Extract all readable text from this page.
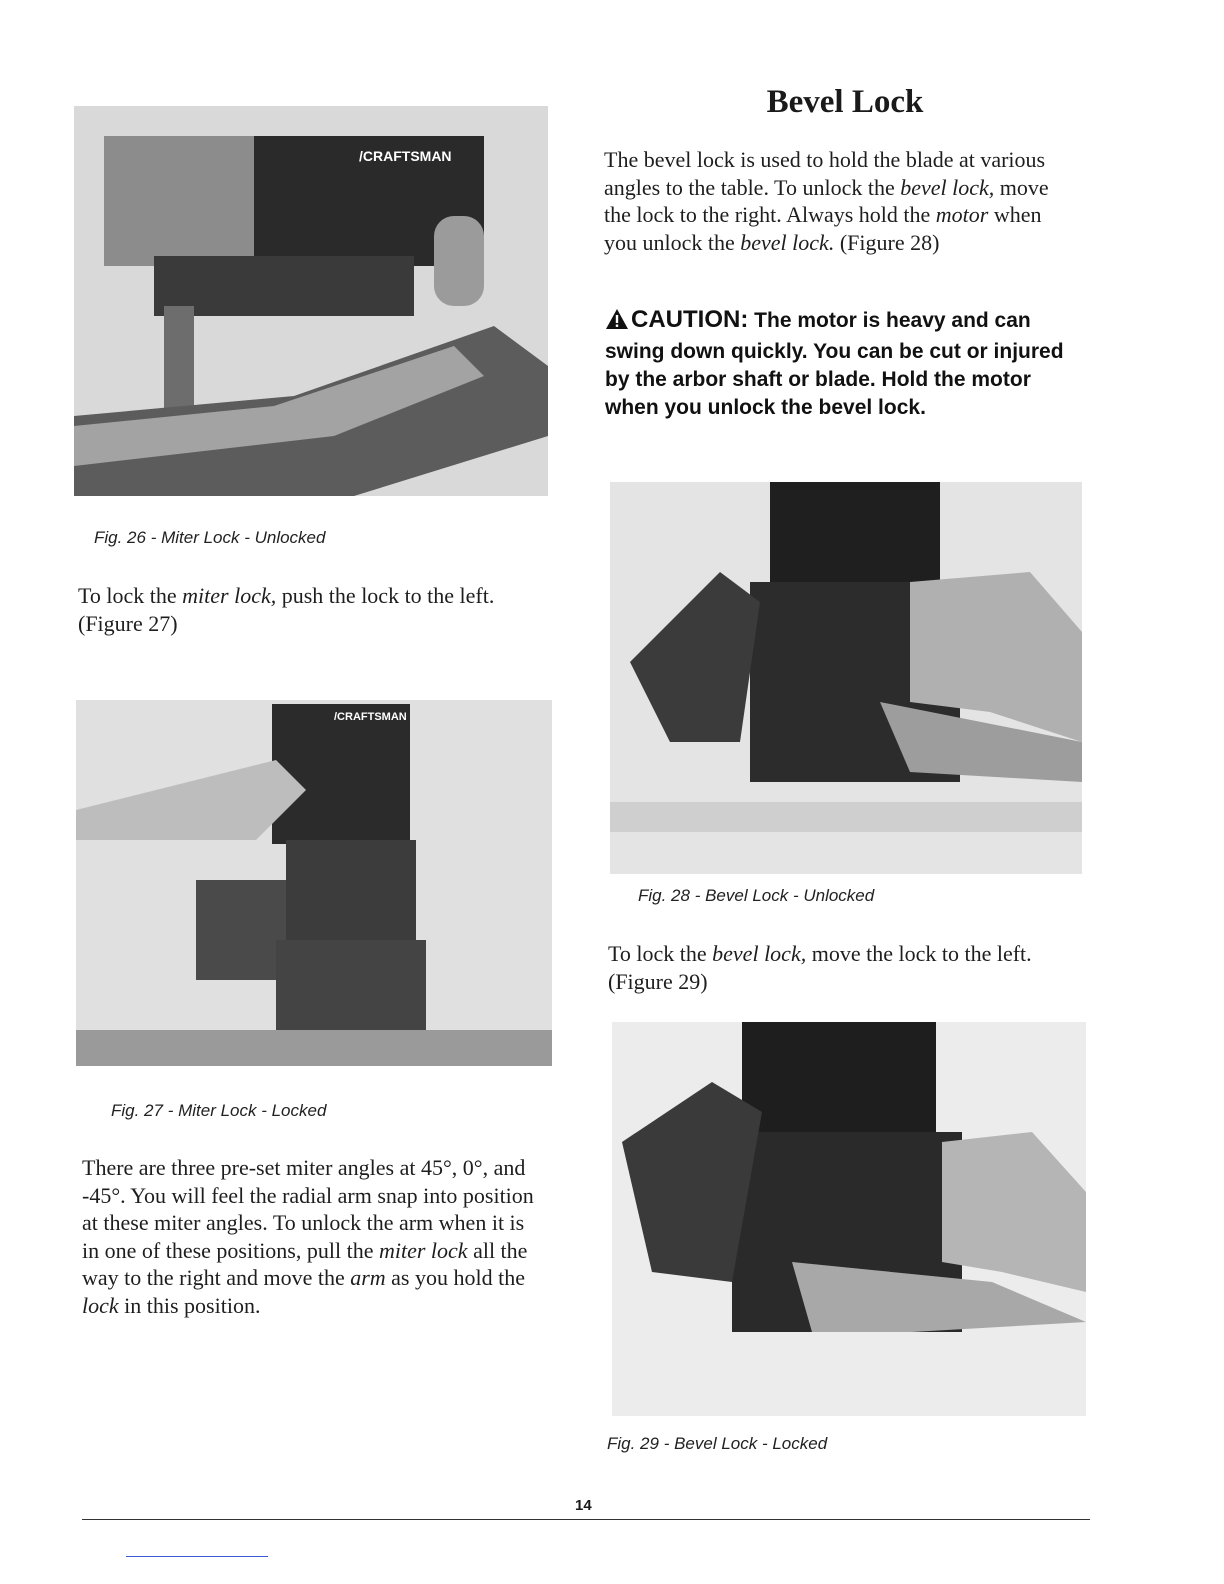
Bevel Lock
/CRAFTSMAN
Fig. 26 - Miter Lock - Unlocked

To lock the miter lock, push the lock to the left. (Figure 27)

/CRAFTSMAN
Fig. 27 - Miter Lock - Locked

There are three pre-set miter angles at 45°, 0°, and -45°. You will feel the radial arm snap into position at these miter angles. To unlock the arm when it is in one of these positions, pull the miter lock all the way to the right and move the arm as you hold the lock in this position.

The bevel lock is used to hold the blade at various angles to the table. To unlock the bevel lock, move the lock to the right. Always hold the motor when you unlock the bevel lock. (Figure 28)

CAUTION: The motor is heavy and can swing down quickly. You can be cut or injured by the arbor shaft or blade. Hold the motor when you unlock the bevel lock.

Fig. 28 - Bevel Lock - Unlocked

To lock the bevel lock, move the lock to the left. (Figure 29)

Fig. 29 - Bevel Lock - Locked
14
